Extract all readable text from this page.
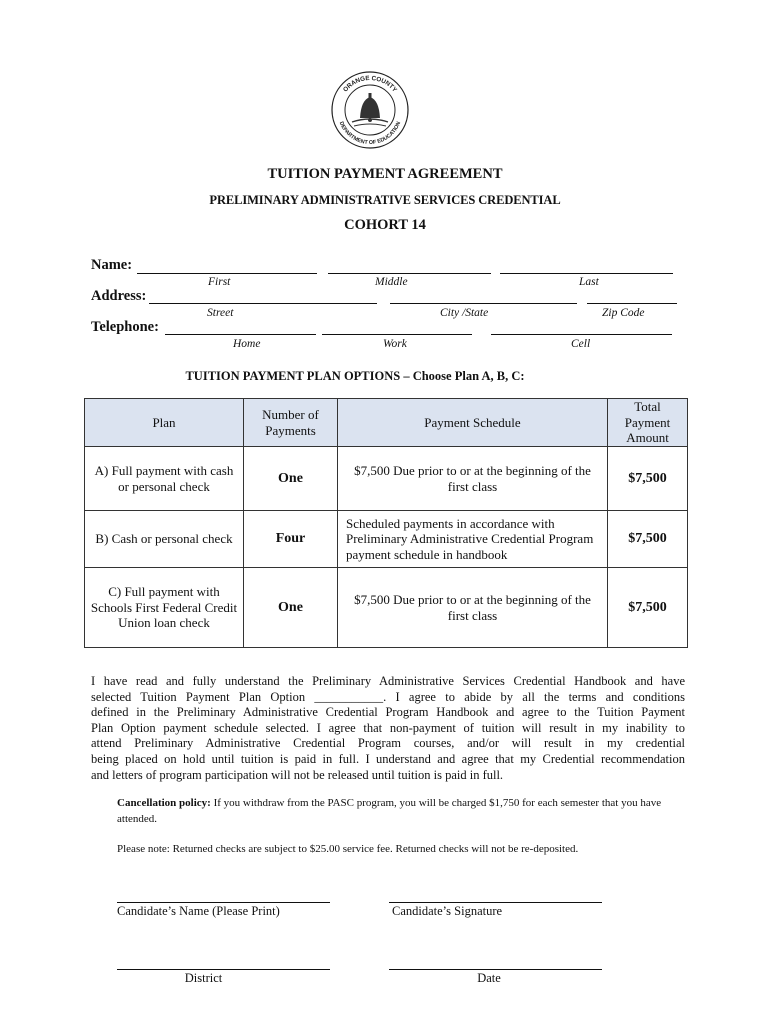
ORANGE COUNTY
DEPARTMENT OF EDUCATION
TUITION PAYMENT AGREEMENT
PRELIMINARY ADMINISTRATIVE SERVICES CREDENTIAL
COHORT 14
Name:
First	Middle	Last
Address:
Street	City /State	Zip Code
Telephone:
Home	Work	Cell
TUITION PAYMENT PLAN OPTIONS – Choose Plan A, B, C:
Plan	Number of Payments	Payment Schedule	Total Payment Amount
A) Full payment with cash or personal check	One	$7,500 Due prior to or at the beginning of the first class	$7,500
B) Cash or personal check	Four	Scheduled payments in accordance with Preliminary Administrative Credential Program payment schedule in handbook	$7,500
C) Full payment with Schools First Federal Credit Union loan check	One	$7,500 Due prior to or at the beginning of the first class	$7,500
I have read and fully understand the Preliminary Administrative Services Credential Handbook and have
selected Tuition Payment Plan Option ___________. I agree to abide by all the terms and conditions
defined in the Preliminary Administrative Credential Program Handbook and agree to the Tuition Payment
Plan Option payment schedule selected. I agree that non-payment of tuition will result in my inability to
attend Preliminary Administrative Credential Program courses, and/or will result in my credential
being placed on hold until tuition is paid in full. I understand and agree that my Credential recommendation
and letters of program participation will not be released until tuition is paid in full.
Cancellation policy: If you withdraw from the PASC program, you will be charged $1,750 for each semester that you have attended.
Please note: Returned checks are subject to $25.00 service fee. Returned checks will not be re-deposited.
Candidate’s Name (Please Print)	Candidate’s Signature
District	Date
